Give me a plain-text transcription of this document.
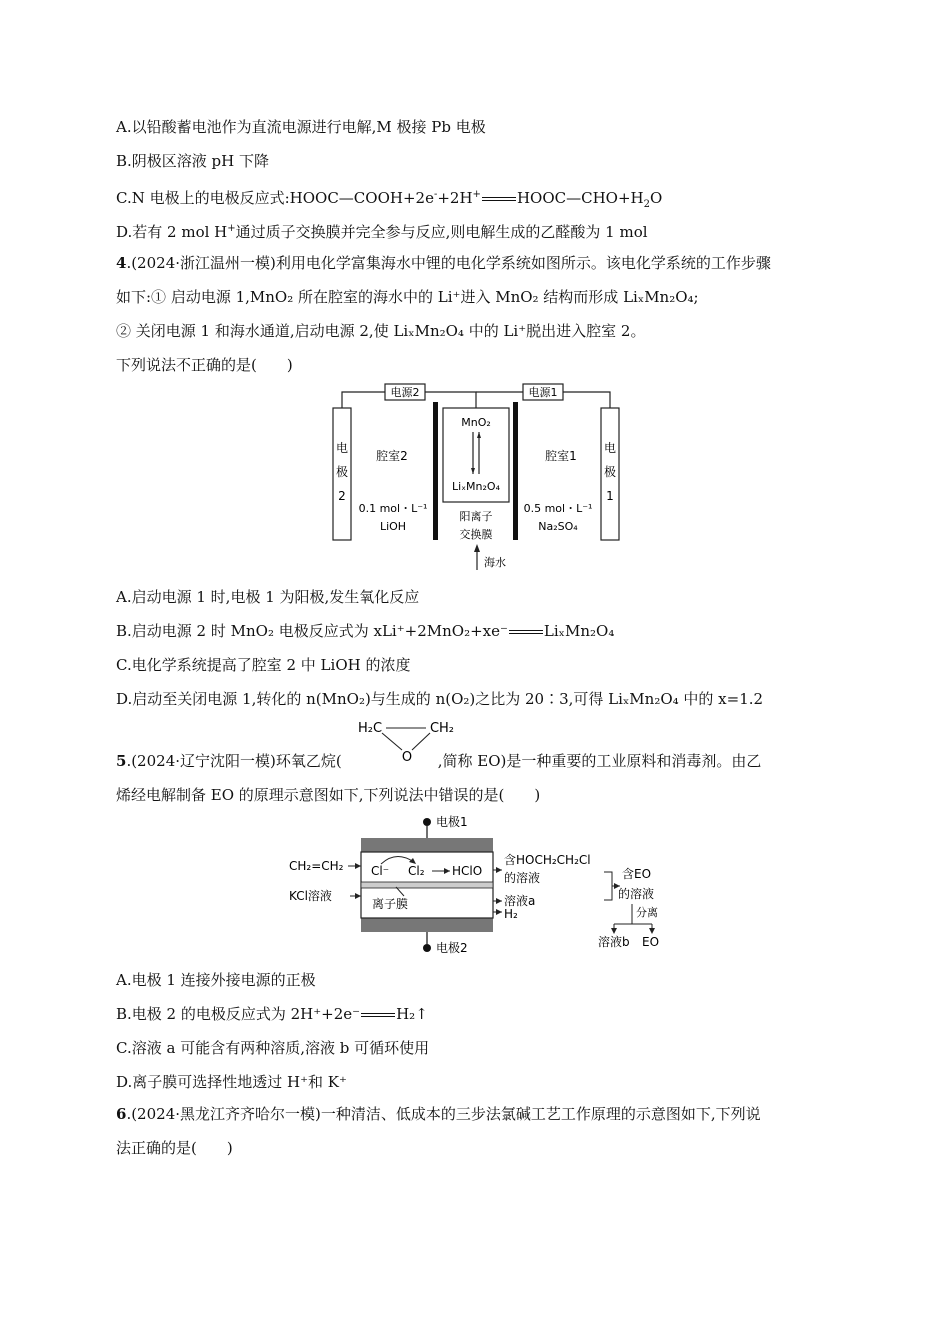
A.以铅酸蓄电池作为直流电源进行电解,M 极接 Pb 电极
B.阴极区溶液 pH 下降
C.N 电极上的电极反应式:HOOC—COOH+2e-+2H+ $HOOC—CHO+H_2O$
D.若有 2 mol H+通过质子交换膜并完全参与反应,则电解生成的乙醛酸为 1 mol
4.(2024·浙江温州一模)利用电化学富集海水中锂的电化学系统如图所示。该电化学系统的工作步骤
如下:① 启动电源 1,MnO₂ 所在腔室的海水中的 Li⁺进入 MnO₂ 结构而形成 LiₓMn₂O₄;
② 关闭电源 1 和海水通道,启动电源 2,使 LiₓMn₂O₄ 中的 Li⁺脱出进入腔室 2。
下列说法不正确的是(　　)
电源2	电源1
电
极
2
电
极
1
腔室2	腔室1
MnO₂
LiₓMn₂O₄
0.1 mol・L⁻¹
LiOH
0.5 mol・L⁻¹
Na₂SO₄
阳离子
交换膜
海水
A.启动电源 1 时,电极 1 为阳极,发生氧化反应
B.启动电源 2 时 MnO₂ 电极反应式为 xLi⁺+2MnO₂+xe⁻ LiₓMn₂O₄
C.电化学系统提高了腔室 2 中 LiOH 的浓度
D.启动至关闭电源 1,转化的 n(MnO₂)与生成的 n(O₂)之比为 20∶3,可得 LiₓMn₂O₄ 中的 x=1.2
H₂C	CH₂
O
5.(2024·辽宁沈阳一模)环氧乙烷(	,简称 EO)是一种重要的工业原料和消毒剂。由乙
烯经电解制备 EO 的原理示意图如下,下列说法中错误的是(　　)
电极1
电极2
CH₂=CH₂
KCl溶液
Cl⁻ Cl₂ HClO
含HOCH₂CH₂Cl
的溶液
离子膜	溶液a
H₂
含EO
的溶液
分离
溶液b EO
A.电极 1 连接外接电源的正极
B.电极 2 的电极反应式为 2H⁺+2e⁻ H₂↑
C.溶液 a 可能含有两种溶质,溶液 b 可循环使用
D.离子膜可选择性地透过 H⁺和 K⁺
6.(2024·黑龙江齐齐哈尔一模)一种清洁、低成本的三步法氯碱工艺工作原理的示意图如下,下列说
法正确的是(　　)
